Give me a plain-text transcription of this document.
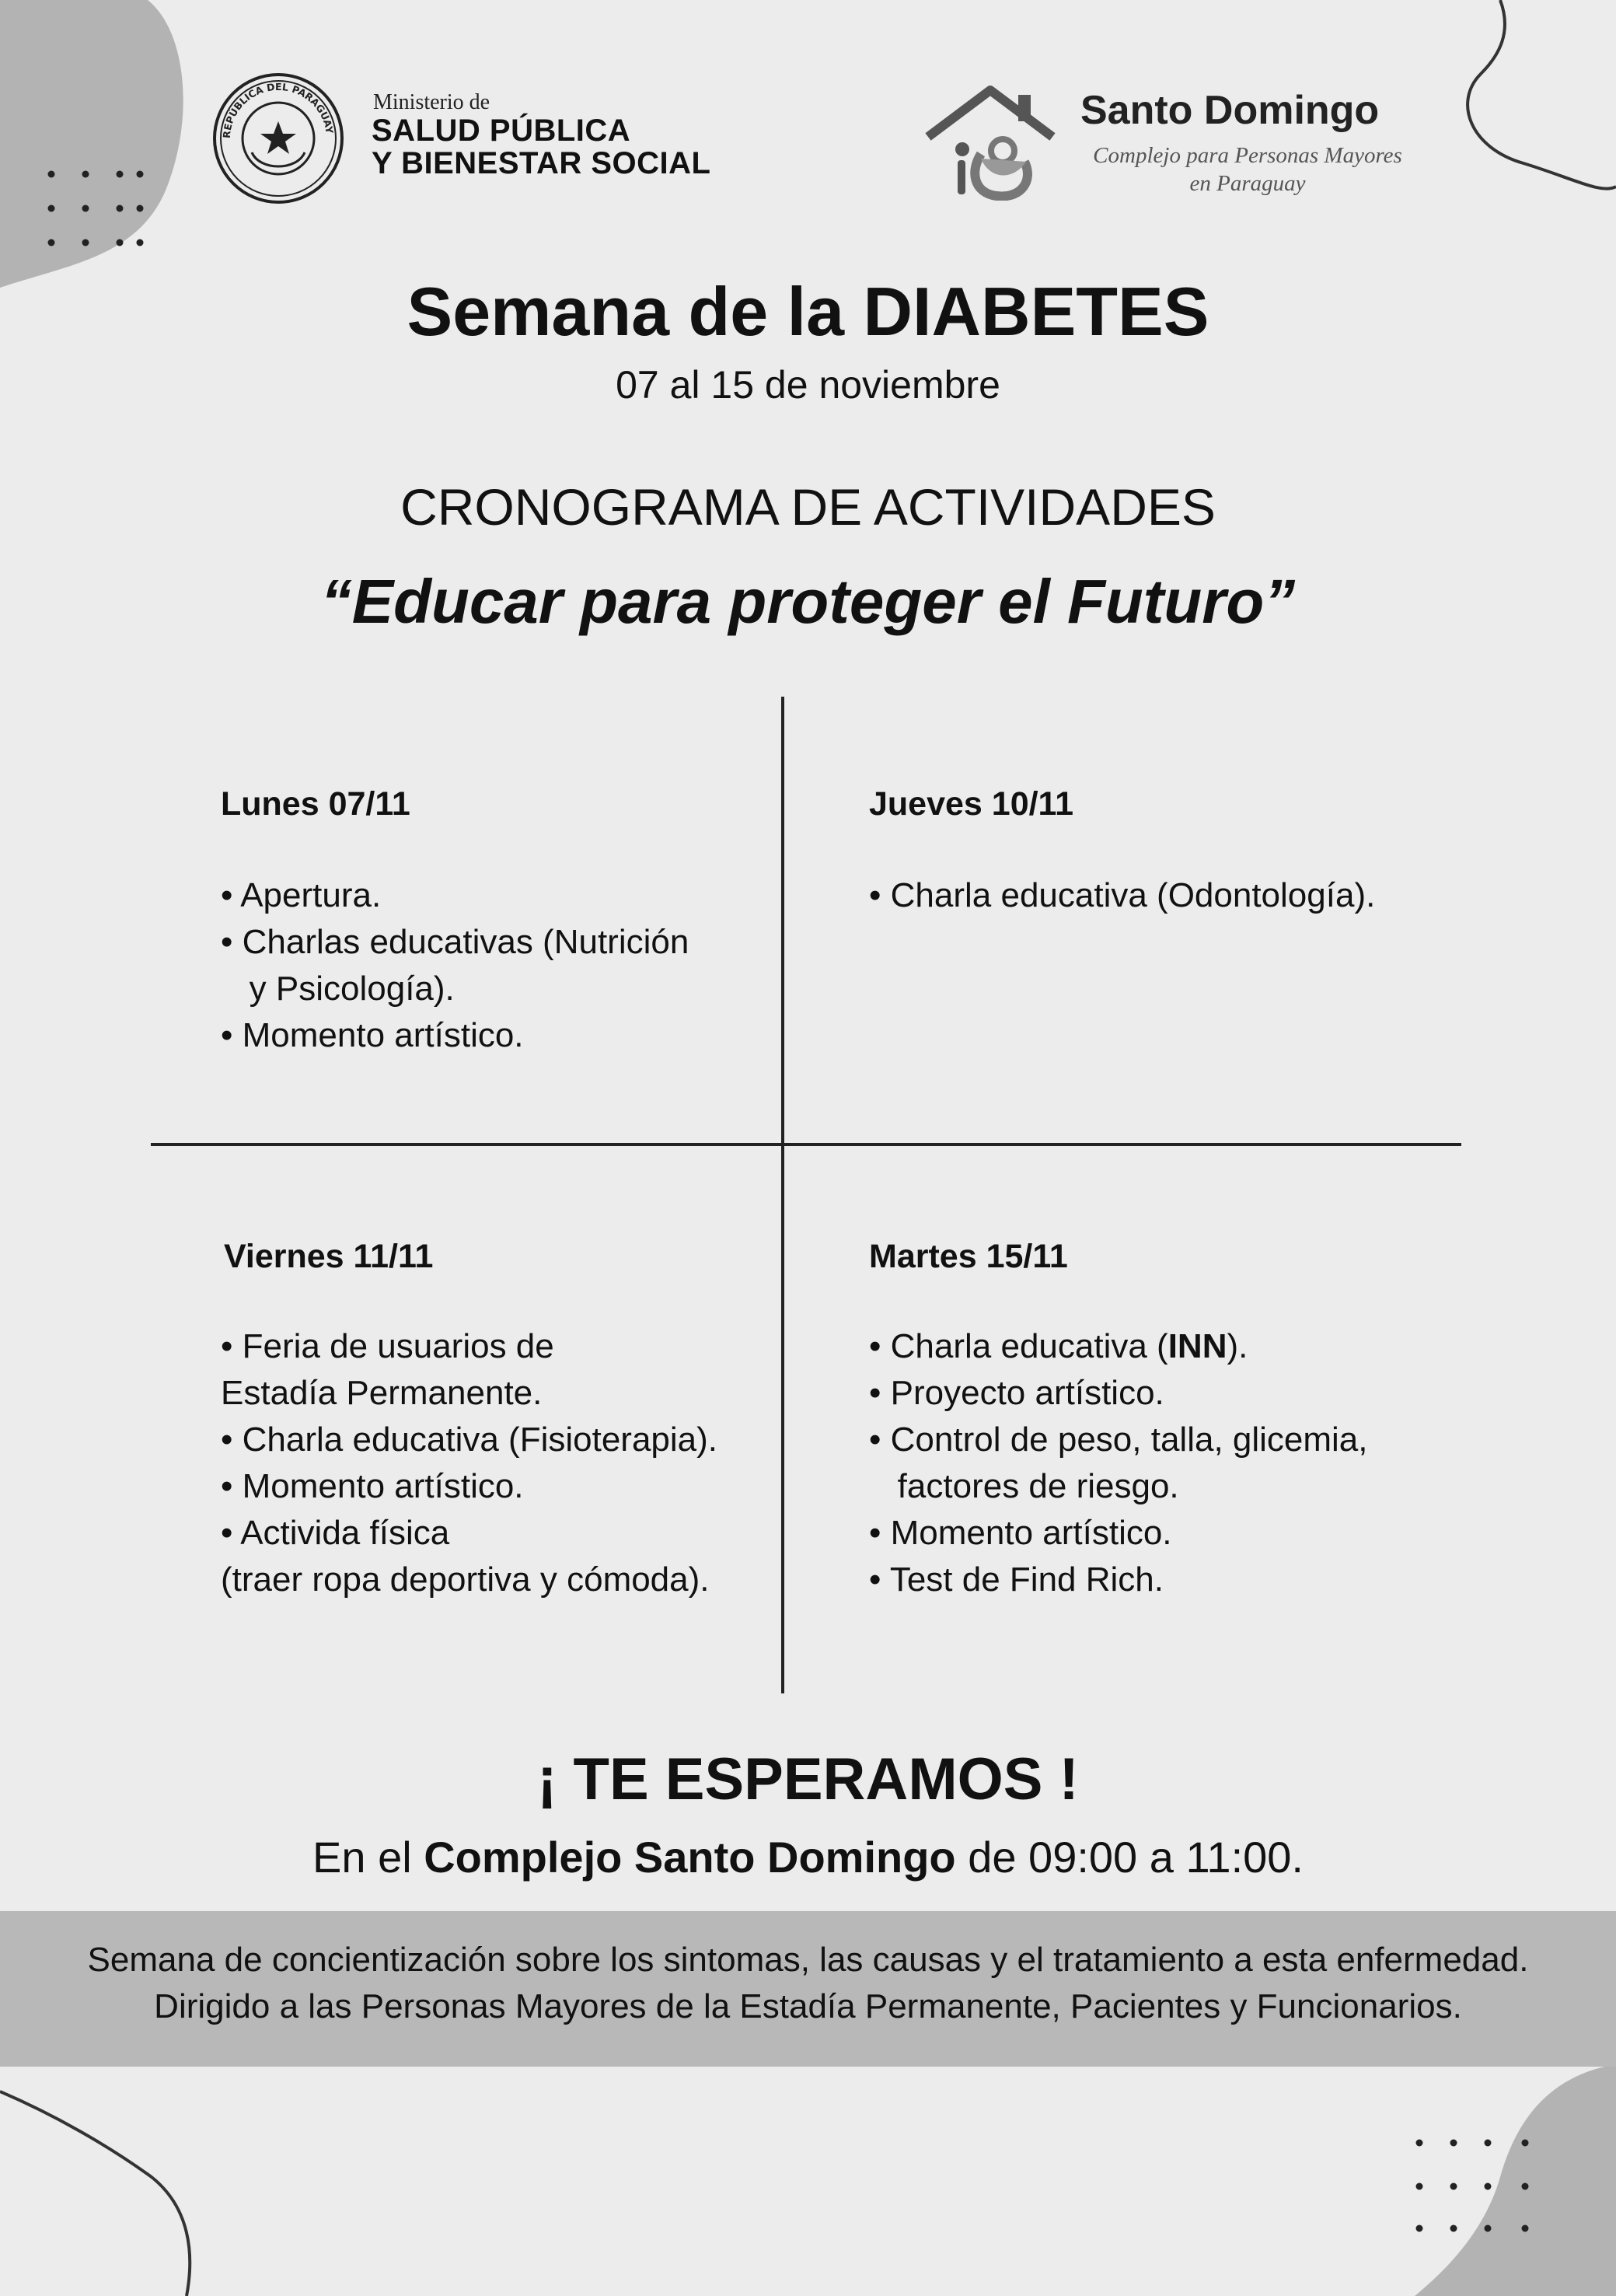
REPÚBLICA DEL PARAGUAY
Ministerio de
SALUD PÚBLICA
Y BIENESTAR SOCIAL
Santo Domingo
Complejo para Personas Mayores
en Paraguay
Semana de la DIABETES
07 al 15 de noviembre
CRONOGRAMA DE ACTIVIDADES
“Educar para proteger el Futuro”
Lunes 07/11
• Apertura.
• Charlas educativas (Nutrición
y Psicología).
• Momento artístico.
Jueves 10/11
• Charla educativa (Odontología).
Viernes 11/11
• Feria de usuarios de
Estadía Permanente.
• Charla educativa (Fisioterapia).
• Momento artístico.
• Activida física
(traer ropa deportiva y cómoda).
Martes 15/11
• Charla educativa (INN).
• Proyecto artístico.
• Control de peso, talla, glicemia,
factores de riesgo.
• Momento artístico.
• Test de Find Rich.
¡ TE ESPERAMOS !
En el Complejo Santo Domingo de 09:00 a 11:00.
Semana de concientización sobre los sintomas, las causas y el tratamiento a esta enfermedad.
Dirigido a las Personas Mayores de la Estadía Permanente, Pacientes y Funcionarios.
